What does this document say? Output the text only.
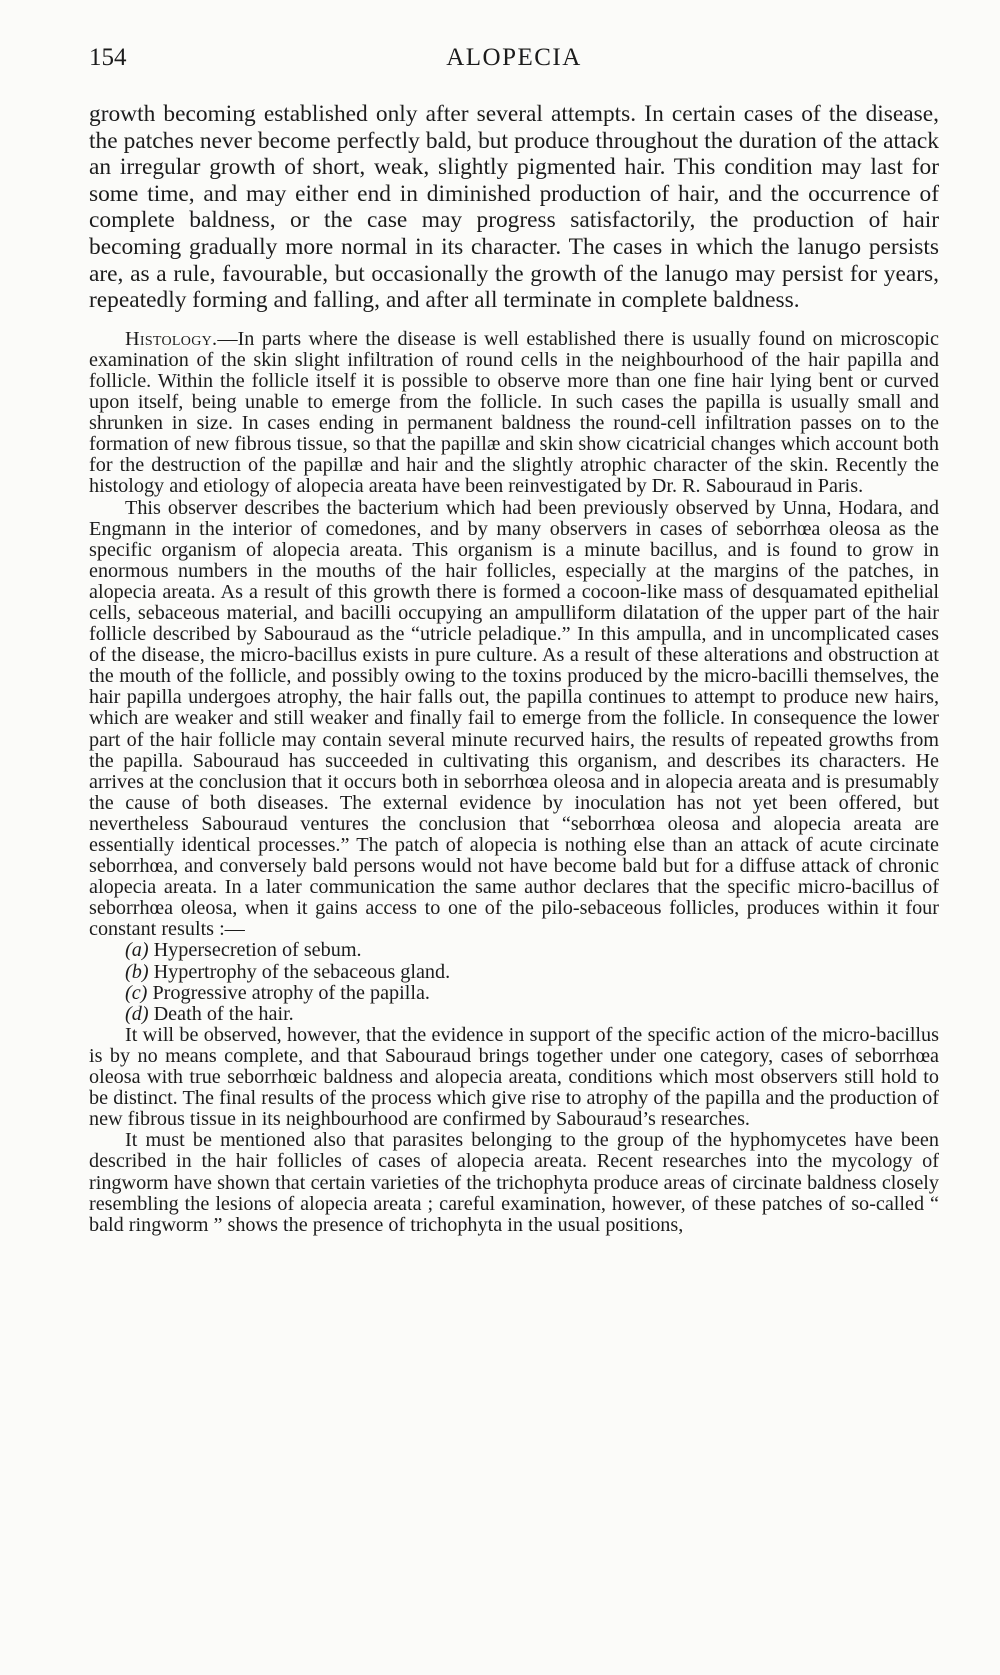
154	ALOPECIA

growth becoming established only after several attempts. In certain cases of the disease, the patches never become perfectly bald, but produce throughout the duration of the attack an irregular growth of short, weak, slightly pigmented hair. This condition may last for some time, and may either end in diminished production of hair, and the occurrence of complete baldness, or the case may progress satisfactorily, the production of hair becoming gradually more normal in its character. The cases in which the lanugo persists are, as a rule, favourable, but occasionally the growth of the lanugo may persist for years, repeatedly forming and falling, and after all terminate in complete baldness.

Histology.—In parts where the disease is well established there is usually found on microscopic examination of the skin slight infiltration of round cells in the neighbourhood of the hair papilla and follicle. Within the follicle itself it is possible to observe more than one fine hair lying bent or curved upon itself, being unable to emerge from the follicle. In such cases the papilla is usually small and shrunken in size. In cases ending in permanent baldness the round-cell infiltration passes on to the formation of new fibrous tissue, so that the papillæ and skin show cicatricial changes which account both for the destruction of the papillæ and hair and the slightly atrophic character of the skin. Recently the histology and etiology of alopecia areata have been reinvestigated by Dr. R. Sabouraud in Paris.

This observer describes the bacterium which had been previously observed by Unna, Hodara, and Engmann in the interior of comedones, and by many observers in cases of seborrhœa oleosa as the specific organism of alopecia areata. This organism is a minute bacillus, and is found to grow in enormous numbers in the mouths of the hair follicles, especially at the margins of the patches, in alopecia areata. As a result of this growth there is formed a cocoon-like mass of desquamated epithelial cells, sebaceous material, and bacilli occupying an ampulliform dilatation of the upper part of the hair follicle described by Sabouraud as the “utricle peladique.” In this ampulla, and in uncomplicated cases of the disease, the micro-bacillus exists in pure culture. As a result of these alterations and obstruction at the mouth of the follicle, and possibly owing to the toxins produced by the micro-bacilli themselves, the hair papilla undergoes atrophy, the hair falls out, the papilla continues to attempt to produce new hairs, which are weaker and still weaker and finally fail to emerge from the follicle. In consequence the lower part of the hair follicle may contain several minute recurved hairs, the results of repeated growths from the papilla. Sabouraud has succeeded in cultivating this organism, and describes its characters. He arrives at the conclusion that it occurs both in seborrhœa oleosa and in alopecia areata and is presumably the cause of both diseases. The external evidence by inoculation has not yet been offered, but nevertheless Sabouraud ventures the conclusion that “seborrhœa oleosa and alopecia areata are essentially identical processes.” The patch of alopecia is nothing else than an attack of acute circinate seborrhœa, and conversely bald persons would not have become bald but for a diffuse attack of chronic alopecia areata. In a later communication the same author declares that the specific micro-bacillus of seborrhœa oleosa, when it gains access to one of the pilo-sebaceous follicles, produces within it four constant results :—

(a) Hypersecretion of sebum.

(b) Hypertrophy of the sebaceous gland.

(c) Progressive atrophy of the papilla.

(d) Death of the hair.

It will be observed, however, that the evidence in support of the specific action of the micro-bacillus is by no means complete, and that Sabouraud brings together under one category, cases of seborrhœa oleosa with true seborrhœic baldness and alopecia areata, conditions which most observers still hold to be distinct. The final results of the process which give rise to atrophy of the papilla and the production of new fibrous tissue in its neighbourhood are confirmed by Sabouraud’s researches.

It must be mentioned also that parasites belonging to the group of the hyphomycetes have been described in the hair follicles of cases of alopecia areata. Recent researches into the mycology of ringworm have shown that certain varieties of the trichophyta produce areas of circinate baldness closely resembling the lesions of alopecia areata ; careful examination, however, of these patches of so-called “ bald ringworm ” shows the presence of trichophyta in the usual positions,
